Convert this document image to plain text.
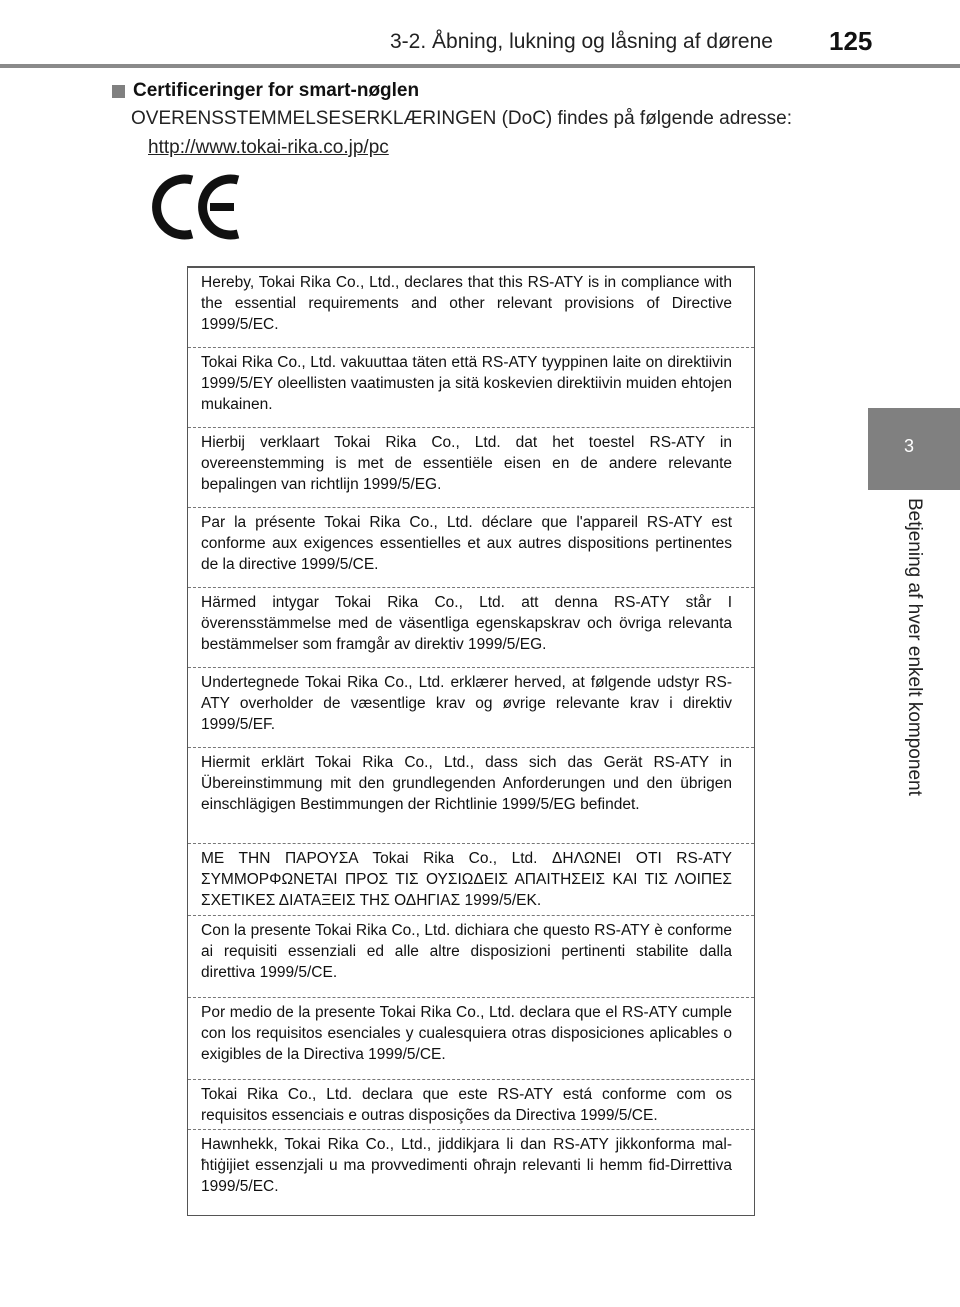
3-2. Åbning, lukning og låsning af dørene 125
3
Betjening af hver enkelt komponent
Certificeringer for smart-nøglen
OVERENSSTEMMELSESERKLÆRINGEN (DoC) findes på følgende adresse:
http://www.tokai-rika.co.jp/pc
Hereby, Tokai Rika Co., Ltd., declares that this RS-ATY is in compliance with the essential requirements and other relevant provisions of Directive 1999/5/EC.
Tokai Rika Co., Ltd. vakuuttaa täten että RS-ATY tyyppinen laite on direktiivin 1999/5/EY oleellisten vaatimusten ja sitä koskevien direktiivin muiden ehtojen mukainen.
Hierbij verklaart Tokai Rika Co., Ltd. dat het toestel RS-ATY in overeenstemming is met de essentiële eisen en de andere relevante bepalingen van richtlijn 1999/5/EG.
Par la présente Tokai Rika Co., Ltd. déclare que l'appareil RS-ATY est conforme aux exigences essentielles et aux autres dispositions pertinentes de la directive 1999/5/CE.
Härmed intygar Tokai Rika Co., Ltd. att denna RS-ATY står I överensstämmelse med de väsentliga egenskapskrav och övriga relevanta bestämmelser som framgår av direktiv 1999/5/EG.
Undertegnede Tokai Rika Co., Ltd. erklærer herved, at følgende udstyr RS-ATY overholder de væsentlige krav og øvrige relevante krav i direktiv 1999/5/EF.
Hiermit erklärt Tokai Rika Co., Ltd., dass sich das Gerät RS-ATY in Übereinstimmung mit den grundlegenden Anforderungen und den übrigen einschlägigen Bestimmungen der Richtlinie 1999/5/EG befindet.
ΜΕ ΤΗΝ ΠΑΡΟΥΣΑ Tokai Rika Co., Ltd. ΔΗΛΩΝΕΙ ΟΤΙ RS-ATY ΣΥΜΜΟΡΦΩΝΕΤΑΙ ΠΡΟΣ ΤΙΣ ΟΥΣΙΩΔΕΙΣ ΑΠΑΙΤΗΣΕΙΣ ΚΑΙ ΤΙΣ ΛΟΙΠΕΣ ΣΧΕΤΙΚΕΣ ΔΙΑΤΑΞΕΙΣ ΤΗΣ ΟΔΗΓΙΑΣ 1999/5/ΕΚ.
Con la presente Tokai Rika Co., Ltd. dichiara che questo RS-ATY è conforme ai requisiti essenziali ed alle altre disposizioni pertinenti stabilite dalla direttiva 1999/5/CE.
Por medio de la presente Tokai Rika Co., Ltd. declara que el RS-ATY cumple con los requisitos esenciales y cualesquiera otras disposiciones aplicables o exigibles de la Directiva 1999/5/CE.
Tokai Rika Co., Ltd. declara que este RS-ATY está conforme com os requisitos essenciais e outras disposições da Directiva 1999/5/CE.
Hawnhekk, Tokai Rika Co., Ltd., jiddikjara li dan RS-ATY jikkonforma mal-ħtiġijiet essenzjali u ma provvedimenti oħrajn relevanti li hemm fid-Dirrettiva 1999/5/EC.
